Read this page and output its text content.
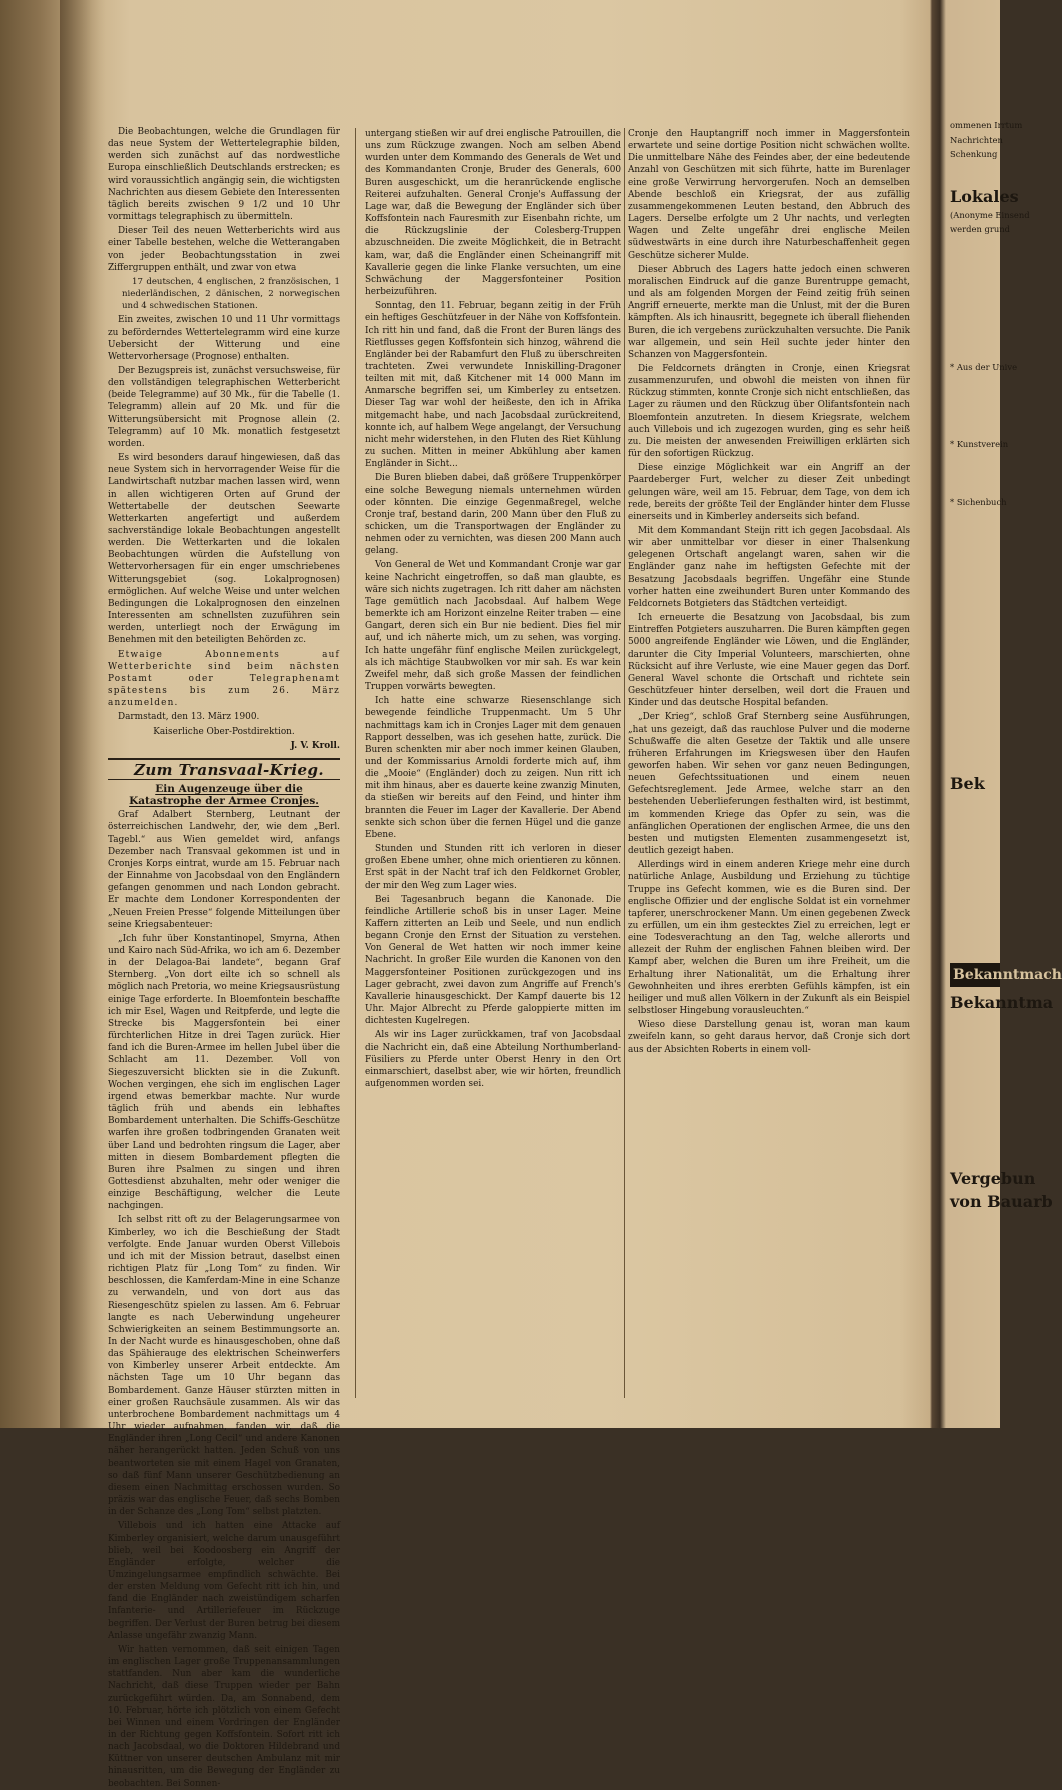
Die Beobachtungen, welche die Grundlagen für das neue System der Wettertelegraphie bilden, werden sich zunächst auf das nordwestliche Europa einschließlich Deutschlands erstrecken; es wird voraussichtlich angängig sein, die wichtigsten Nachrichten aus diesem Gebiete den Interessenten täglich bereits zwischen 9 1/2 und 10 Uhr vormittags telegraphisch zu übermitteln.

Dieser Teil des neuen Wetterberichts wird aus einer Tabelle bestehen, welche die Wetterangaben von jeder Beobachtungsstation in zwei Ziffergruppen enthält, und zwar von etwa

17 deutschen, 4 englischen, 2 französischen, 1 niederländischen, 2 dänischen, 2 norwegischen und 4 schwedischen Stationen.

Ein zweites, zwischen 10 und 11 Uhr vormittags zu beförderndes Wettertelegramm wird eine kurze Uebersicht der Witterung und eine Wettervorhersage (Prognose) enthalten.

Der Bezugspreis ist, zunächst versuchsweise, für den vollständigen telegraphischen Wetterbericht (beide Telegramme) auf 30 Mk., für die Tabelle (1. Telegramm) allein auf 20 Mk. und für die Witterungsübersicht mit Prognose allein (2. Telegramm) auf 10 Mk. monatlich festgesetzt worden.

Es wird besonders darauf hingewiesen, daß das neue System sich in hervorragender Weise für die Landwirtschaft nutzbar machen lassen wird, wenn in allen wichtigeren Orten auf Grund der Wettertabelle der deutschen Seewarte Wetterkarten angefertigt und außerdem sachverständige lokale Beobachtungen angestellt werden. Die Wetterkarten und die lokalen Beobachtungen würden die Aufstellung von Wettervorhersagen für ein enger umschriebenes Witterungsgebiet (sog. Lokalprognosen) ermöglichen. Auf welche Weise und unter welchen Bedingungen die Lokalprognosen den einzelnen Interessenten am schnellsten zuzuführen sein werden, unterliegt noch der Erwägung im Benehmen mit den beteiligten Behörden zc.

Etwaige Abonnements auf Wetterberichte sind beim nächsten Postamt oder Telegraphenamt spätestens bis zum 26. März anzumelden.

Darmstadt, den 13. März 1900.

Kaiserliche Ober-Postdirektion.

J. V. Kroll.

Zum Transvaal-Krieg.

Ein Augenzeuge über die Katastrophe der Armee Cronjes.

Graf Adalbert Sternberg, Leutnant der österreichischen Landwehr, der, wie dem „Berl. Tagebl.“ aus Wien gemeldet wird, anfangs Dezember nach Transvaal gekommen ist und in Cronjes Korps eintrat, wurde am 15. Februar nach der Einnahme von Jacobsdaal von den Engländern gefangen genommen und nach London gebracht. Er machte dem Londoner Korrespondenten der „Neuen Freien Presse“ folgende Mitteilungen über seine Kriegsabenteuer:

„Ich fuhr über Konstantinopel, Smyrna, Athen und Kairo nach Süd-Afrika, wo ich am 6. Dezember in der Delagoa-Bai landete“, begann Graf Sternberg. „Von dort eilte ich so schnell als möglich nach Pretoria, wo meine Kriegsausrüstung einige Tage erforderte. In Bloemfontein beschaffte ich mir Esel, Wagen und Reitpferde, und legte die Strecke bis Maggersfontein bei einer fürchterlichen Hitze in drei Tagen zurück. Hier fand ich die Buren-Armee im hellen Jubel über die Schlacht am 11. Dezember. Voll von Siegeszuversicht blickten sie in die Zukunft. Wochen vergingen, ehe sich im englischen Lager irgend etwas bemerkbar machte. Nur wurde täglich früh und abends ein lebhaftes Bombardement unterhalten. Die Schiffs-Geschütze warfen ihre großen todbringenden Granaten weit über Land und bedrohten ringsum die Lager, aber mitten in diesem Bombardement pflegten die Buren ihre Psalmen zu singen und ihren Gottesdienst abzuhalten, mehr oder weniger die einzige Beschäftigung, welcher die Leute nachgingen.

Ich selbst ritt oft zu der Belagerungsarmee von Kimberley, wo ich die Beschießung der Stadt verfolgte. Ende Januar wurden Oberst Villebois und ich mit der Mission betraut, daselbst einen richtigen Platz für „Long Tom“ zu finden. Wir beschlossen, die Kamferdam-Mine in eine Schanze zu verwandeln, und von dort aus das Riesengeschütz spielen zu lassen. Am 6. Februar langte es nach Ueberwindung ungeheurer Schwierigkeiten an seinem Bestimmungsorte an. In der Nacht wurde es hinausgeschoben, ohne daß das Spähierauge des elektrischen Scheinwerfers von Kimberley unserer Arbeit entdeckte. Am nächsten Tage um 10 Uhr begann das Bombardement. Ganze Häuser stürzten mitten in einer großen Rauchsäule zusammen. Als wir das unterbrochene Bombardement nachmittags um 4 Uhr wieder aufnahmen, fanden wir, daß die Engländer ihren „Long Cecil“ und andere Kanonen näher herangerückt hatten. Jeden Schuß von uns beantworteten sie mit einem Hagel von Granaten, so daß fünf Mann unserer Geschützbedienung an diesem einen Nachmittag erschossen wurden. So präzis war das englische Feuer, daß sechs Bomben in der Schanze des „Long Tom“ selbst platzten.

Villebois und ich hatten eine Attacke auf Kimberley organisiert, welche darum unausgeführt blieb, weil bei Koodoosberg ein Angriff der Engländer erfolgte, welcher die Umzingelungsarmee empfindlich schwächte. Bei der ersten Meldung vom Gefecht ritt ich hin, und fand die Engländer nach zweistündigem scharfen Infanterie- und Artilleriefeuer im Rückzuge begriffen. Der Verlust der Buren betrug bei diesem Anlasse ungefähr zwanzig Mann.

Wir hatten vernommen, daß seit einigen Tagen im englischen Lager große Truppenansammlungen stattfanden. Nun aber kam die wunderliche Nachricht, daß diese Truppen wieder per Bahn zurückgeführt würden. Da, am Sonnabend, dem 10. Februar, hörte ich plötzlich von einem Gefecht bei Winnen und einem Vordringen der Engländer in der Richtung gegen Koffsfontein. Sofort ritt ich nach Jacobsdaal, wo die Doktoren Hildebrand und Küttner von unserer deutschen Ambulanz mit mir hinausritten, um die Bewegung der Engländer zu beobachten. Bei Sonnen-

untergang stießen wir auf drei englische Patrouillen, die uns zum Rückzuge zwangen. Noch am selben Abend wurden unter dem Kommando des Generals de Wet und des Kommandanten Cronje, Bruder des Generals, 600 Buren ausgeschickt, um die heranrückende englische Reiterei aufzuhalten. General Cronje's Auffassung der Lage war, daß die Bewegung der Engländer sich über Koffsfontein nach Fauresmith zur Eisenbahn richte, um die Rückzugslinie der Colesberg-Truppen abzuschneiden. Die zweite Möglichkeit, die in Betracht kam, war, daß die Engländer einen Scheinangriff mit Kavallerie gegen die linke Flanke versuchten, um eine Schwächung der Maggersfonteiner Position herbeizuführen.

Sonntag, den 11. Februar, begann zeitig in der Früh ein heftiges Geschützfeuer in der Nähe von Koffsfontein. Ich ritt hin und fand, daß die Front der Buren längs des Rietflusses gegen Koffsfontein sich hinzog, während die Engländer bei der Rabamfurt den Fluß zu überschreiten trachteten. Zwei verwundete Inniskilling-Dragoner teilten mit mit, daß Kitchener mit 14 000 Mann im Anmarsche begriffen sei, um Kimberley zu entsetzen. Dieser Tag war wohl der heißeste, den ich in Afrika mitgemacht habe, und nach Jacobsdaal zurückreitend, konnte ich, auf halbem Wege angelangt, der Versuchung nicht mehr widerstehen, in den Fluten des Riet Kühlung zu suchen. Mitten in meiner Abkühlung aber kamen Engländer in Sicht...

Die Buren blieben dabei, daß größere Truppenkörper eine solche Bewegung niemals unternehmen würden oder könnten. Die einzige Gegenmaßregel, welche Cronje traf, bestand darin, 200 Mann über den Fluß zu schicken, um die Transportwagen der Engländer zu nehmen oder zu vernichten, was diesen 200 Mann auch gelang.

Von General de Wet und Kommandant Cronje war gar keine Nachricht eingetroffen, so daß man glaubte, es wäre sich nichts zugetragen. Ich ritt daher am nächsten Tage gemütlich nach Jacobsdaal. Auf halbem Wege bemerkte ich am Horizont einzelne Reiter traben — eine Gangart, deren sich ein Bur nie bedient. Dies fiel mir auf, und ich näherte mich, um zu sehen, was vorging. Ich hatte ungefähr fünf englische Meilen zurückgelegt, als ich mächtige Staubwolken vor mir sah. Es war kein Zweifel mehr, daß sich große Massen der feindlichen Truppen vorwärts bewegten.

Ich hatte eine schwarze Riesenschlange sich bewegende feindliche Truppenmacht. Um 5 Uhr nachmittags kam ich in Cronjes Lager mit dem genauen Rapport desselben, was ich gesehen hatte, zurück. Die Buren schenkten mir aber noch immer keinen Glauben, und der Kommissarius Arnoldi forderte mich auf, ihm die „Mooie“ (Engländer) doch zu zeigen. Nun ritt ich mit ihm hinaus, aber es dauerte keine zwanzig Minuten, da stießen wir bereits auf den Feind, und hinter ihm brannten die Feuer im Lager der Kavallerie. Der Abend senkte sich schon über die fernen Hügel und die ganze Ebene.

Stunden und Stunden ritt ich verloren in dieser großen Ebene umher, ohne mich orientieren zu können. Erst spät in der Nacht traf ich den Feldkornet Grobler, der mir den Weg zum Lager wies.

Bei Tagesanbruch begann die Kanonade. Die feindliche Artillerie schoß bis in unser Lager. Meine Kaffern zitterten an Leib und Seele, und nun endlich begann Cronje den Ernst der Situation zu verstehen. Von General de Wet hatten wir noch immer keine Nachricht. In großer Eile wurden die Kanonen von den Maggersfonteiner Positionen zurückgezogen und ins Lager gebracht, zwei davon zum Angriffe auf French's Kavallerie hinausgeschickt. Der Kampf dauerte bis 12 Uhr. Major Albrecht zu Pferde galoppierte mitten im dichtesten Kugelregen.

Als wir ins Lager zurückkamen, traf von Jacobsdaal die Nachricht ein, daß eine Abteilung Northumberland-Füsiliers zu Pferde unter Oberst Henry in den Ort einmarschiert, daselbst aber, wie wir hörten, freundlich aufgenommen worden sei.

Cronje den Hauptangriff noch immer in Maggersfontein erwartete und seine dortige Position nicht schwächen wollte. Die unmittelbare Nähe des Feindes aber, der eine bedeutende Anzahl von Geschützen mit sich führte, hatte im Burenlager eine große Verwirrung hervorgerufen. Noch an demselben Abende beschloß ein Kriegsrat, der aus zufällig zusammengekommenen Leuten bestand, den Abbruch des Lagers. Derselbe erfolgte um 2 Uhr nachts, und verlegten Wagen und Zelte ungefähr drei englische Meilen südwestwärts in eine durch ihre Naturbeschaffenheit gegen Geschütze sicherer Mulde.

Dieser Abbruch des Lagers hatte jedoch einen schweren moralischen Eindruck auf die ganze Burentruppe gemacht, und als am folgenden Morgen der Feind zeitig früh seinen Angriff erneuerte, merkte man die Unlust, mit der die Buren kämpften. Als ich hinausritt, begegnete ich überall fliehenden Buren, die ich vergebens zurückzuhalten versuchte. Die Panik war allgemein, und sein Heil suchte jeder hinter den Schanzen von Maggersfontein.

Die Feldcornets drängten in Cronje, einen Kriegsrat zusammenzurufen, und obwohl die meisten von ihnen für Rückzug stimmten, konnte Cronje sich nicht entschließen, das Lager zu räumen und den Rückzug über Olifantsfontein nach Bloemfontein anzutreten. In diesem Kriegsrate, welchem auch Villebois und ich zugezogen wurden, ging es sehr heiß zu. Die meisten der anwesenden Freiwilligen erklärten sich für den sofortigen Rückzug.

Diese einzige Möglichkeit war ein Angriff an der Paardeberger Furt, welcher zu dieser Zeit unbedingt gelungen wäre, weil am 15. Februar, dem Tage, von dem ich rede, bereits der größte Teil der Engländer hinter dem Flusse einerseits und in Kimberley anderseits sich befand.

Mit dem Kommandant Steijn ritt ich gegen Jacobsdaal. Als wir aber unmittelbar vor dieser in einer Thalsenkung gelegenen Ortschaft angelangt waren, sahen wir die Engländer ganz nahe im heftigsten Gefechte mit der Besatzung Jacobsdaals begriffen. Ungefähr eine Stunde vorher hatten eine zweihundert Buren unter Kommando des Feldcornets Botgieters das Städtchen verteidigt.

Ich erneuerte die Besatzung von Jacobsdaal, bis zum Eintreffen Potgieters auszuharren. Die Buren kämpften gegen 5000 angreifende Engländer wie Löwen, und die Engländer, darunter die City Imperial Volunteers, marschierten, ohne Rücksicht auf ihre Verluste, wie eine Mauer gegen das Dorf. General Wavel schonte die Ortschaft und richtete sein Geschützfeuer hinter derselben, weil dort die Frauen und Kinder und das deutsche Hospital befanden.

„Der Krieg“, schloß Graf Sternberg seine Ausführungen, „hat uns gezeigt, daß das rauchlose Pulver und die moderne Schußwaffe die alten Gesetze der Taktik und alle unsere früheren Erfahrungen im Kriegswesen über den Haufen geworfen haben. Wir sehen vor ganz neuen Bedingungen, neuen Gefechtssituationen und einem neuen Gefechtsreglement. Jede Armee, welche starr an den bestehenden Ueberlieferungen festhalten wird, ist bestimmt, im kommenden Kriege das Opfer zu sein, was die anfänglichen Operationen der englischen Armee, die uns den besten und mutigsten Elementen zusammengesetzt ist, deutlich gezeigt haben.

Allerdings wird in einem anderen Kriege mehr eine durch natürliche Anlage, Ausbildung und Erziehung zu tüchtige Truppe ins Gefecht kommen, wie es die Buren sind. Der englische Offizier und der englische Soldat ist ein vornehmer tapferer, unerschrockener Mann. Um einen gegebenen Zweck zu erfüllen, um ein ihm gestecktes Ziel zu erreichen, legt er eine Todesverachtung an den Tag, welche allerorts und allezeit der Ruhm der englischen Fahnen bleiben wird. Der Kampf aber, welchen die Buren um ihre Freiheit, um die Erhaltung ihrer Nationalität, um die Erhaltung ihrer Gewohnheiten und ihres ererbten Gefühls kämpfen, ist ein heiliger und muß allen Völkern in der Zukunft als ein Beispiel selbstloser Hingebung vorausleuchten.“

Wieso diese Darstellung genau ist, woran man kaum zweifeln kann, so geht daraus hervor, daß Cronje sich dort aus der Absichten Roberts in einem voll-

ommenen Irrtum

Nachrichten

Schenkung

Lokales

(Anonyme Einsend

werden grund

* Aus der Unive

* Kunstverein

* Sichenbuch

Bek

Bekanntmach

Bekanntma

Vergebun

von Bauarb
